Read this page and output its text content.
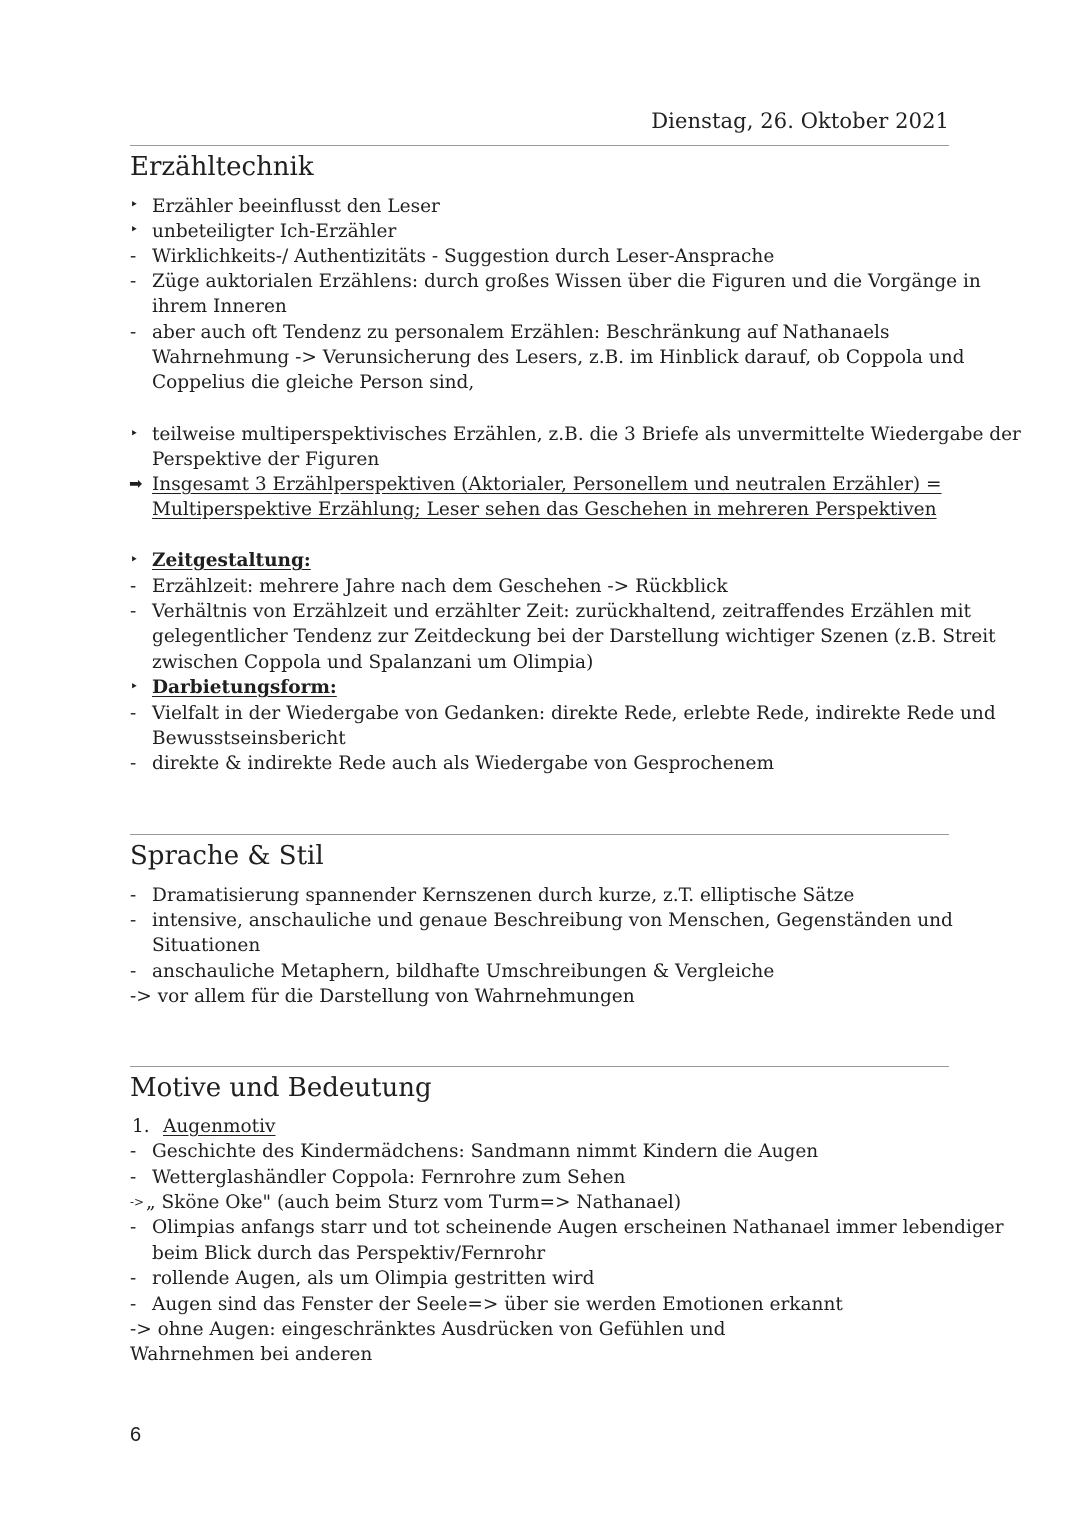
Dienstag, 26. Oktober 2021
Erzähltechnik
‣ Erzähler beeinflusst den Leser
‣ unbeteiligter Ich-Erzähler
- Wirklichkeits-/ Authentizitäts - Suggestion durch Leser-Ansprache
- Züge auktorialen Erzählens: durch großes Wissen über die Figuren und die Vorgänge in
ihrem Inneren
- aber auch oft Tendenz zu personalem Erzählen: Beschränkung auf Nathanaels
Wahrnehmung -> Verunsicherung des Lesers, z.B. im Hinblick darauf, ob Coppola und
Coppelius die gleiche Person sind,
‣ teilweise multiperspektivisches Erzählen, z.B. die 3 Briefe als unvermittelte Wiedergabe der
Perspektive der Figuren
➡ Insgesamt 3 Erzählperspektiven (Aktorialer, Personellem und neutralen Erzähler) =
Multiperspektive Erzählung; Leser sehen das Geschehen in mehreren Perspektiven
‣ Zeitgestaltung:
- Erzählzeit: mehrere Jahre nach dem Geschehen -> Rückblick
- Verhältnis von Erzählzeit und erzählter Zeit: zurückhaltend, zeitraffendes Erzählen mit
gelegentlicher Tendenz zur Zeitdeckung bei der Darstellung wichtiger Szenen (z.B. Streit
zwischen Coppola und Spalanzani um Olimpia)
‣ Darbietungsform:
- Vielfalt in der Wiedergabe von Gedanken: direkte Rede, erlebte Rede, indirekte Rede und
Bewusstseinsbericht
- direkte & indirekte Rede auch als Wiedergabe von Gesprochenem
Sprache & Stil
- Dramatisierung spannender Kernszenen durch kurze, z.T. elliptische Sätze
- intensive, anschauliche und genaue Beschreibung von Menschen, Gegenständen und
Situationen
- anschauliche Metaphern, bildhafte Umschreibungen & Vergleiche
-> vor allem für die Darstellung von Wahrnehmungen
Motive und Bedeutung
1. Augenmotiv
- Geschichte des Kindermädchens: Sandmann nimmt Kindern die Augen
- Wetterglashändler Coppola: Fernrohre zum Sehen
-> „ Sköne Oke" (auch beim Sturz vom Turm=> Nathanael)
- Olimpias anfangs starr und tot scheinende Augen erscheinen Nathanael immer lebendiger
beim Blick durch das Perspektiv/Fernrohr
- rollende Augen, als um Olimpia gestritten wird
- Augen sind das Fenster der Seele=> über sie werden Emotionen erkannt
-> ohne Augen: eingeschränktes Ausdrücken von Gefühlen und
Wahrnehmen bei anderen
6
